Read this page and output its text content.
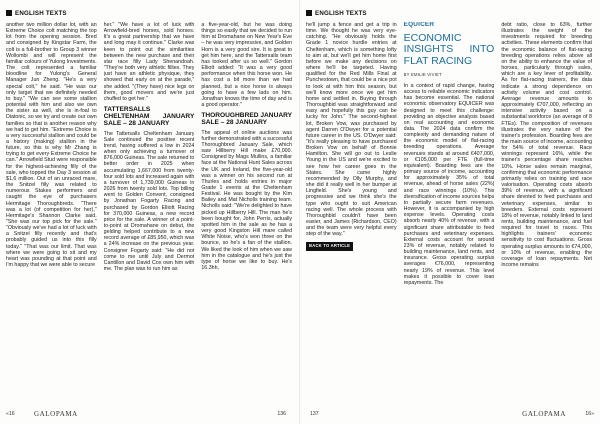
ENGLISH TEXTS

another two million dollar lot, with an Extreme Choice colt matching the top lot from the opening session. Bred and consigned by Kingstar Farm, the colt is a full-brother to Group 3 winner Wollombi and will represent the familiar colours of Yulong Investments. The colt represented a familiar bloodline for Yulong's General Manager Jun Zheng. "He's a very special colt," he said. "He was our only target that we definitely needed to buy." "We can see some stallion potential with him and also we own the sister as well, she is in-foal to Diatonic, so we try and create our own families so that is another reason why we had to get him. "Extreme Choice is a very successful stallion and could be a history (making) stallion in the future, so this is why Mr Zhang is trying to get every Extreme Choice he can." Arrowfield Stud were responsible for the highest-achieving filly of the sale, who topped the Day 3 session at $1.6 million. Out of an unraced mare, the Snitzel filly was related to numerous Stakes performers and caught the eye of purchasers Hermitage Thoroughbreds. "There was a lot (of competition for her)," Hermitage's Shannon Clarke said. "She was our top pick for the sale." "Obviously we've had a lot of luck with a Snitzel filly recently and that's probably guided us into this filly today." "That was our limit. That was where we were going to sit and my heart was pounding at that point and I'm happy that we were able to secure

her." "We have a lot of luck with Arrowfield-bred horses, sold horses. It's a great partnership that we have and long may it continue." Clarke was keen to point out the similarities between the new purchase and their star race filly Lady Shenandoah. "They're both very athletic fillies. They just have an athletic physique, they showed that early on at the parade," she added. "(They have) nice legs on them, good movers and we're just chuffed to get her."

TATTERSALLS CHELTENHAM JANUARY SALE – 28 JANUARY

The Tattersalls Cheltenham January Sale continued the positive recent trend, having suffered a low in 2024 when only achieving a turnover of 876,000 Guineas. The sale returned to better order in 2025 when accumulating 1,667,000 from twenty-four sold lots and increased again with a turnover of 1,739,000 Guineas in 2026 from twenty sold lots. Top billing went to Golden Convent, consigned by Jonathan Fogarty Racing and purchased by Gordon Elliott Racing for 370,000 Guineas, a new record price for the sale. A winner of a point-to-point at Dromahane on debut, the gelding helped contribute to a new record average of £85,950, which was a 24% increase on the previous year. Consigner Fogarty said: "He did not come to me until July and Dermot Cantillon and David Cox own him with me. The plan was to run him as

a five-year-old, but he was doing things so easily that we decided to run him at Dromahane on New Year's Eve – he was very impressive, and Golden Horn is a very good sire. It is great to get him here, and the Tattersalls team has looked after us so well." Gordon Elliott added: "It was a very good performance when this horse won. He has cost a bit more than we had planned, but a nice horse is always going to have a few lads on him. Jonathan knows the time of day and is a good operator."

THOROUGHBRED JANUARY SALE – 28 JANUARY

The appeal of online auctions was further demonstrated with a successful Thoroughbred January Sale, which saw Hillberry Hill make £70,000. Consigned by Mags Mullins, a familiar face at the National Hunt Sales across the UK and Ireland, the five-year-old was a winner on his second run at Thurles and holds entries in major Grade 1 events at the Cheltenham Festival. He was bought by the Kim Bailey and Mat Nicholls training team. Nicholls said: "We're delighted to have picked up Hillberry Hill. The man he's been bought for, John Perris, actually spotted him in the sale as he has a very good Kingston Hill mare called White Noise, who's won three on the bounce, so he's a fan of the stallion. We liked the look of him when we saw him in the catalogue and he's just the type of horse we like to buy. He's 16.3hh,

«16	GALOPAMA	136
ENGLISH TEXTS

he'll jump a fence and get a trip in time. We thought he was very eye-catching. "He obviously holds the Grade 1 novice hurdle entries at Cheltenham, which is something lofty to aim at, but we'll get him home first before we make any decisions on where he'll be targeted. Having qualified for the Red Mills Final at Punchestown, that could be a nice pot to look at with him this season, but we'll know more once we get him home and settled in. Buying through Thoroughbid was straightforward and easy and hopefully this guy can be lucky for John." The second-highest lot, Broken Vow, was purchased by agent Darren O'Dwyer for a potential future career in the US. O'Dwyer said: "It's really pleasing to have purchased Broken Vow on behalf of Bonnie Hamilton. She will go out to Leslie Young in the US and we're excited to see how her career goes in the States. She came highly recommended by Olly Murphy, and she did it really well in her bumper at Lingfield. She's young and progressive and we think she's the type who ought to suit American racing well. The whole process with Thoroughbid couldn't have been easier, and James (Richardson, CEO) and the team were very helpful every step of the way."

BACK TO ARTICLE
EQUICER
ECONOMIC INSIGHTS INTO FLAT RACING
BY EMILIE VIVIET

In a context of rapid change, having access to reliable economic indicators has become essential. The national economic observatory EQUICER was designed to meet this challenge: providing an objective analysis based on real accounting and economic data. The 2024 data confirm the complexity and demanding nature of the economic model of flat-racing breeding operations. Average revenues stands at around €407,000, or €105,000 per FTE (full-time equivalent). Boarding fees are the primary source of income, accounting for approximately 35% of total revenue, ahead of horse sales (22%) and race winnings (10%). This diversification of income sources helps to partially secure farm revenues. However, it is accompanied by high expense levels. Operating costs absorb nearly 40% of revenue, with a significant share attributable to feed purchases and veterinary expenses. External costs account for around 23% of revenue, notably related to building maintenance, land rents, and insurance. Gross operating surplus averages €76,000, representing nearly 19% of revenue. This level makes it possible to cover loan repayments. The

debt ratio, close to 63%, further illustrates the weight of the investments required for breeding activities. These elements confirm that the economic balance of flat-racing breeding operations relies above all on the ability to enhance the value of horses, particularly through sales, which are a key lever of profitability. As for flat-racing trainers, the data indicate a strong dependence on activity volume and cost control. Average revenue amounts to approximately €707,000, reflecting an intensive activity based on a substantial workforce (an average of 8 FTEs). The composition of revenues illustrates the very nature of the trainer's profession. Boarding fees are the main source of income, accounting for 54% of total revenue. Race winnings represent 16%, while the trainer's percentage share reaches 10%. Horse sales remain marginal, confirming that economic performance primarily relies on training and race valorisation. Operating costs absorb 39% of revenue, with a significant share devoted to feed purchases and veterinary expenses, similar to breeders. External costs represent 18% of revenue, notably linked to land rents, building maintenance, and fuel required for travel to races. This highlights trainers' economic sensitivity to cost fluctuations. Gross operating surplus amounts to €74,000, or 10% of revenue, enabling the coverage of loan repayments. Net income remains

137	GALOPAMA	16»
